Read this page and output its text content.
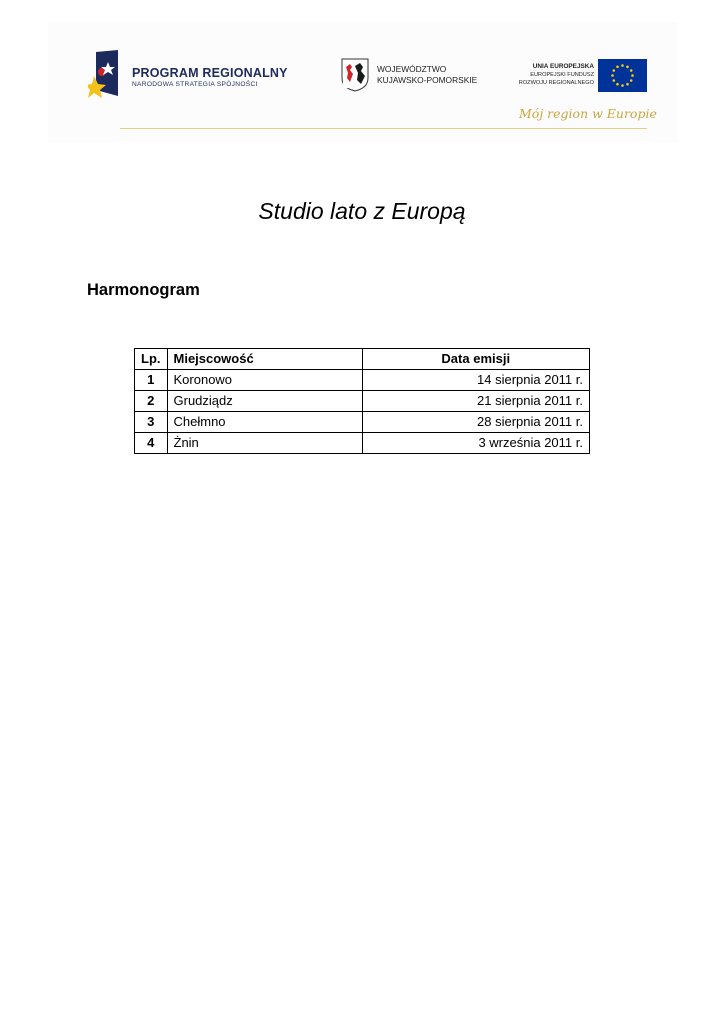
PROGRAM REGIONALNY
NARODOWA STRATEGIA SPÓJNOŚCI
WOJEWÓDZTWO
KUJAWSKO-POMORSKIE
UNIA EUROPEJSKA
EUROPEJSKI FUNDUSZ
ROZWOJU REGIONALNEGO
Mój region w Europie
Studio lato z Europą
Harmonogram
Lp.	Miejscowość	Data emisji
1	Koronowo	14 sierpnia 2011 r.
2	Grudziądz	21 sierpnia 2011 r.
3	Chełmno	28 sierpnia 2011 r.
4	Żnin	3 września 2011 r.
